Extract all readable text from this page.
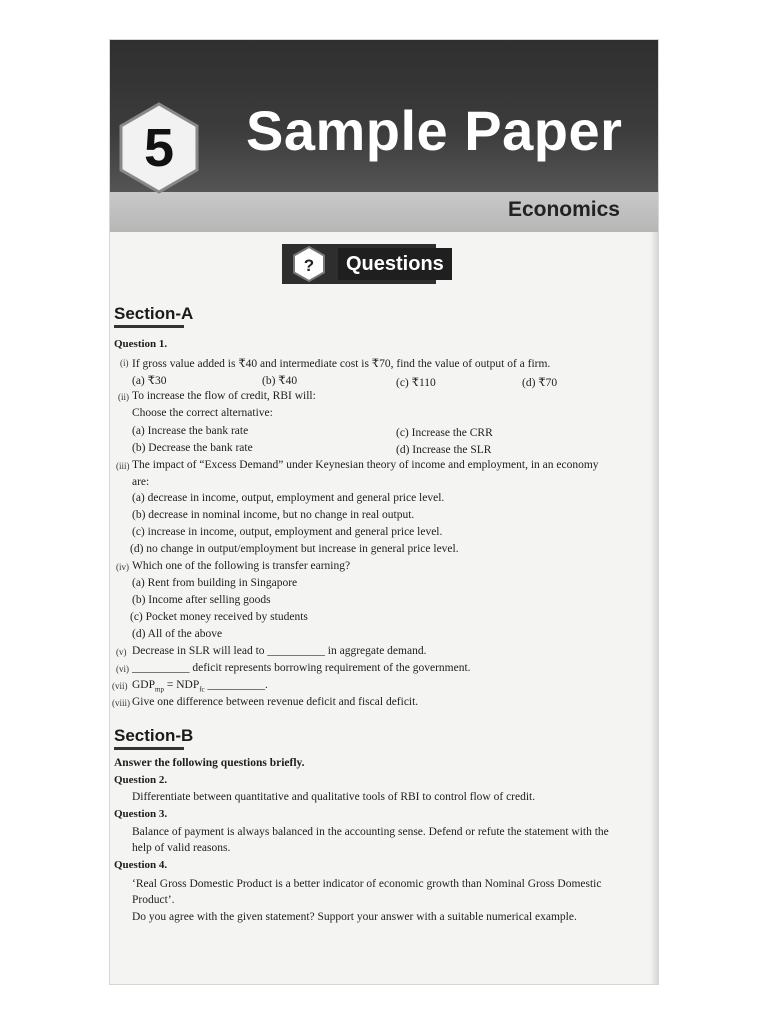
5	Sample Paper
Economics
?	Questions
Section-A
Question 1.
(i) If gross value added is ₹40 and intermediate cost is ₹70, find the value of output of a firm.
(a) ₹30	(b) ₹40	(c) ₹110	(d) ₹70
(ii) To increase the flow of credit, RBI will:
Choose the correct alternative:
(a) Increase the bank rate	(c) Increase the CRR
(b) Decrease the bank rate	(d) Increase the SLR
(iii) The impact of “Excess Demand” under Keynesian theory of income and employment, in an economy
are:
(a) decrease in income, output, employment and general price level.
(b) decrease in nominal income, but no change in real output.
(c) increase in income, output, employment and general price level.
(d) no change in output/employment but increase in general price level.
(iv) Which one of the following is transfer earning?
(a) Rent from building in Singapore
(b) Income after selling goods
(c) Pocket money received by students
(d) All of the above
(v) Decrease in SLR will lead to __________ in aggregate demand.
(vi) __________ deficit represents borrowing requirement of the government.
(vii) $GDP_{mp} = NDP_{fc}$ __________.
(viii) Give one difference between revenue deficit and fiscal deficit.
Section-B
Answer the following questions briefly.
Question 2.
Differentiate between quantitative and qualitative tools of RBI to control flow of credit.
Question 3.
Balance of payment is always balanced in the accounting sense. Defend or refute the statement with the
help of valid reasons.
Question 4.
‘Real Gross Domestic Product is a better indicator of economic growth than Nominal Gross Domestic
Product’.
Do you agree with the given statement? Support your answer with a suitable numerical example.
